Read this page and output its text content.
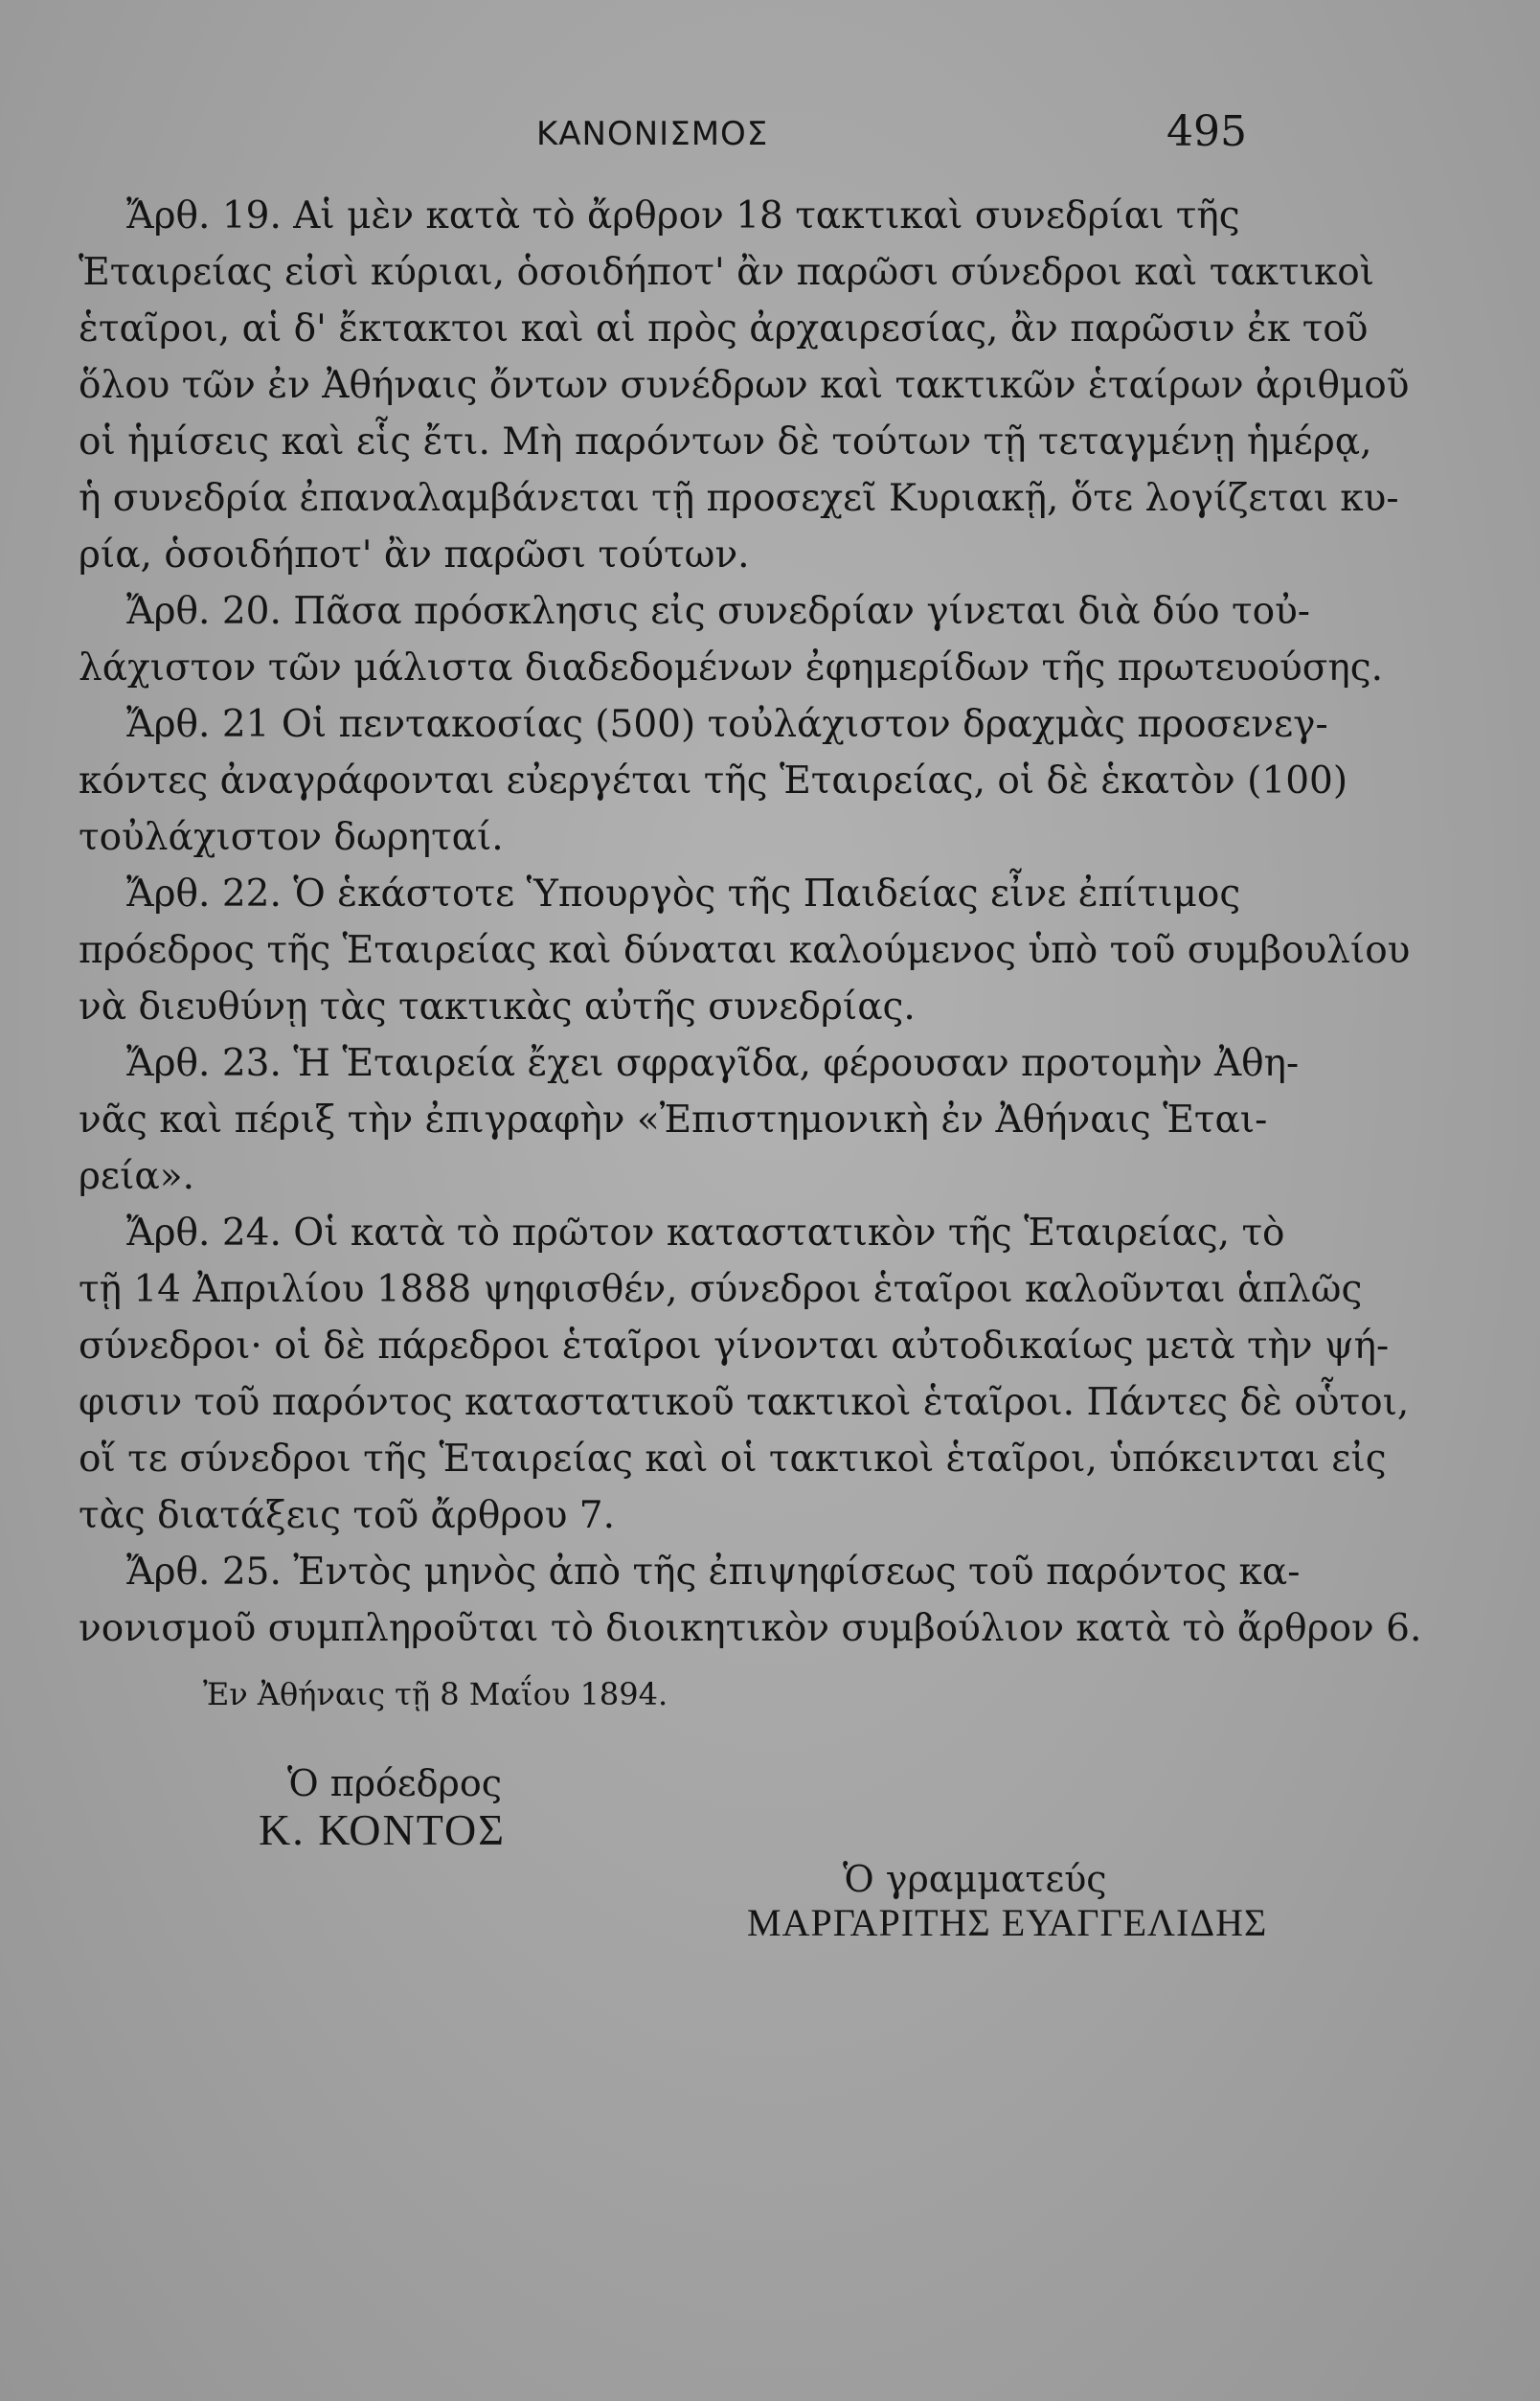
ΚΑΝΟΝΙΣΜΟΣ	495
Ἄρθ. 19. Αἱ μὲν κατὰ τὸ ἄρθρον 18 τακτικαὶ συνεδρίαι τῆς
Ἑταιρείας εἰσὶ κύριαι, ὁσοιδήποτ' ἂν παρῶσι σύνεδροι καὶ τακτικοὶ
ἑταῖροι, αἱ δ' ἔκτακτοι καὶ αἱ πρὸς ἀρχαιρεσίας, ἂν παρῶσιν ἐκ τοῦ
ὅλου τῶν ἐν Ἀθήναις ὄντων συνέδρων καὶ τακτικῶν ἑταίρων ἀριθμοῦ
οἱ ἡμίσεις καὶ εἷς ἔτι. Μὴ παρόντων δὲ τούτων τῇ τεταγμένῃ ἡμέρᾳ,
ἡ συνεδρία ἐπαναλαμβάνεται τῇ προσεχεῖ Κυριακῇ, ὅτε λογίζεται κυ-
ρία, ὁσοιδήποτ' ἂν παρῶσι τούτων.
Ἄρθ. 20. Πᾶσα πρόσκλησις εἰς συνεδρίαν γίνεται διὰ δύο τοὐ-
λάχιστον τῶν μάλιστα διαδεδομένων ἐφημερίδων τῆς πρωτευούσης.
Ἄρθ. 21 Οἱ πεντακοσίας (500) τοὐλάχιστον δραχμὰς προσενεγ-
κόντες ἀναγράφονται εὐεργέται τῆς Ἑταιρείας, οἱ δὲ ἑκατὸν (100)
τοὐλάχιστον δωρηταί.
Ἄρθ. 22. Ὁ ἑκάστοτε Ὑπουργὸς τῆς Παιδείας εἶνε ἐπίτιμος
πρόεδρος τῆς Ἑταιρείας καὶ δύναται καλούμενος ὑπὸ τοῦ συμβουλίου
νὰ διευθύνῃ τὰς τακτικὰς αὐτῆς συνεδρίας.
Ἄρθ. 23. Ἡ Ἑταιρεία ἔχει σφραγῖδα, φέρουσαν προτομὴν Ἀθη-
νᾶς καὶ πέριξ τὴν ἐπιγραφὴν «Ἐπιστημονικὴ ἐν Ἀθήναις Ἑται-
ρεία».
Ἄρθ. 24. Οἱ κατὰ τὸ πρῶτον καταστατικὸν τῆς Ἑταιρείας, τὸ
τῇ 14 Ἀπριλίου 1888 ψηφισθέν, σύνεδροι ἑταῖροι καλοῦνται ἁπλῶς
σύνεδροι· οἱ δὲ πάρεδροι ἑταῖροι γίνονται αὐτοδικαίως μετὰ τὴν ψή-
φισιν τοῦ παρόντος καταστατικοῦ τακτικοὶ ἑταῖροι. Πάντες δὲ οὗτοι,
οἵ τε σύνεδροι τῆς Ἑταιρείας καὶ οἱ τακτικοὶ ἑταῖροι, ὑπόκεινται εἰς
τὰς διατάξεις τοῦ ἄρθρου 7.
Ἄρθ. 25. Ἐντὸς μηνὸς ἀπὸ τῆς ἐπιψηφίσεως τοῦ παρόντος κα-
νονισμοῦ συμπληροῦται τὸ διοικητικὸν συμβούλιον κατὰ τὸ ἄρθρον 6.
Ἐν Ἀθήναις τῇ 8 Μαΐου 1894.
Ὁ πρόεδρος
Κ. ΚΟΝΤΟΣ
Ὁ γραμματεύς
ΜΑΡΓΑΡΙΤΗΣ ΕΥΑΓΓΕΛΙΔΗΣ
